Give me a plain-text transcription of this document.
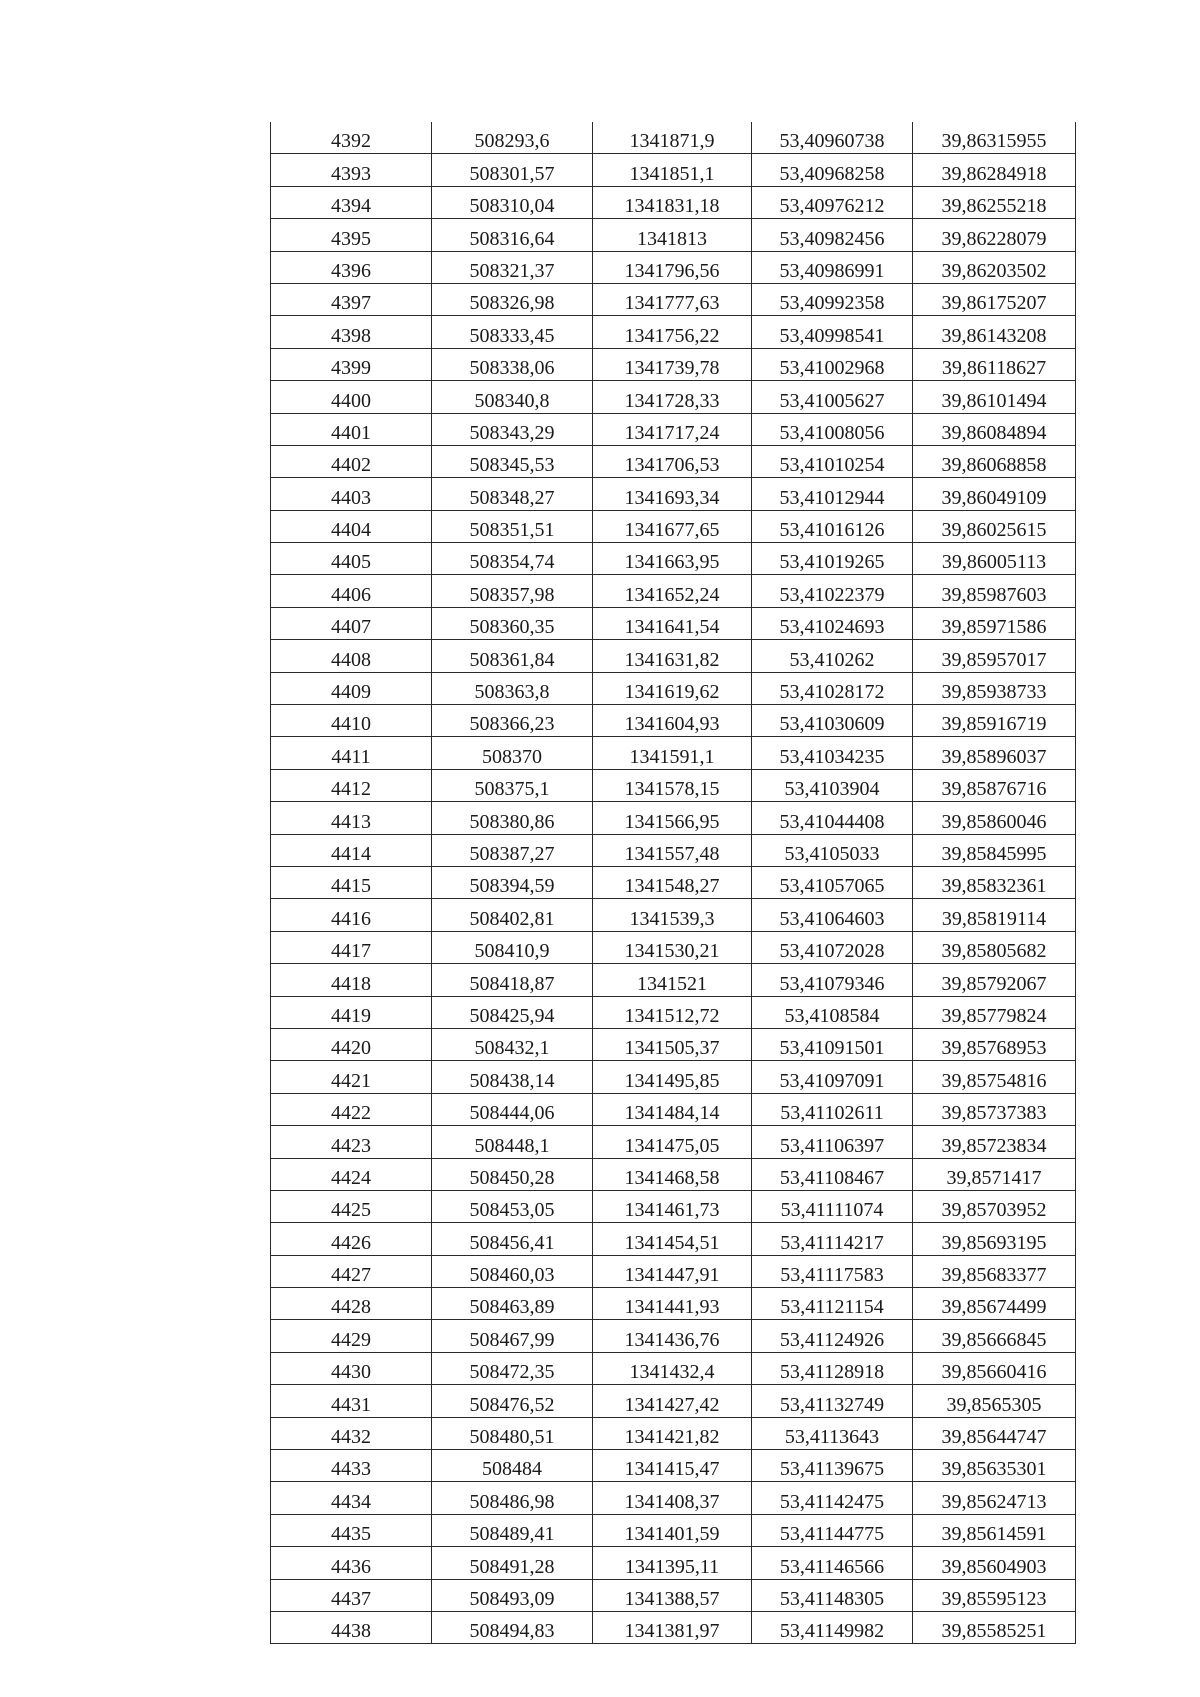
4392	508293,6	1341871,9	53,40960738	39,86315955
4393	508301,57	1341851,1	53,40968258	39,86284918
4394	508310,04	1341831,18	53,40976212	39,86255218
4395	508316,64	1341813	53,40982456	39,86228079
4396	508321,37	1341796,56	53,40986991	39,86203502
4397	508326,98	1341777,63	53,40992358	39,86175207
4398	508333,45	1341756,22	53,40998541	39,86143208
4399	508338,06	1341739,78	53,41002968	39,86118627
4400	508340,8	1341728,33	53,41005627	39,86101494
4401	508343,29	1341717,24	53,41008056	39,86084894
4402	508345,53	1341706,53	53,41010254	39,86068858
4403	508348,27	1341693,34	53,41012944	39,86049109
4404	508351,51	1341677,65	53,41016126	39,86025615
4405	508354,74	1341663,95	53,41019265	39,86005113
4406	508357,98	1341652,24	53,41022379	39,85987603
4407	508360,35	1341641,54	53,41024693	39,85971586
4408	508361,84	1341631,82	53,410262	39,85957017
4409	508363,8	1341619,62	53,41028172	39,85938733
4410	508366,23	1341604,93	53,41030609	39,85916719
4411	508370	1341591,1	53,41034235	39,85896037
4412	508375,1	1341578,15	53,4103904	39,85876716
4413	508380,86	1341566,95	53,41044408	39,85860046
4414	508387,27	1341557,48	53,4105033	39,85845995
4415	508394,59	1341548,27	53,41057065	39,85832361
4416	508402,81	1341539,3	53,41064603	39,85819114
4417	508410,9	1341530,21	53,41072028	39,85805682
4418	508418,87	1341521	53,41079346	39,85792067
4419	508425,94	1341512,72	53,4108584	39,85779824
4420	508432,1	1341505,37	53,41091501	39,85768953
4421	508438,14	1341495,85	53,41097091	39,85754816
4422	508444,06	1341484,14	53,41102611	39,85737383
4423	508448,1	1341475,05	53,41106397	39,85723834
4424	508450,28	1341468,58	53,41108467	39,8571417
4425	508453,05	1341461,73	53,41111074	39,85703952
4426	508456,41	1341454,51	53,41114217	39,85693195
4427	508460,03	1341447,91	53,41117583	39,85683377
4428	508463,89	1341441,93	53,41121154	39,85674499
4429	508467,99	1341436,76	53,41124926	39,85666845
4430	508472,35	1341432,4	53,41128918	39,85660416
4431	508476,52	1341427,42	53,41132749	39,8565305
4432	508480,51	1341421,82	53,4113643	39,85644747
4433	508484	1341415,47	53,41139675	39,85635301
4434	508486,98	1341408,37	53,41142475	39,85624713
4435	508489,41	1341401,59	53,41144775	39,85614591
4436	508491,28	1341395,11	53,41146566	39,85604903
4437	508493,09	1341388,57	53,41148305	39,85595123
4438	508494,83	1341381,97	53,41149982	39,85585251
